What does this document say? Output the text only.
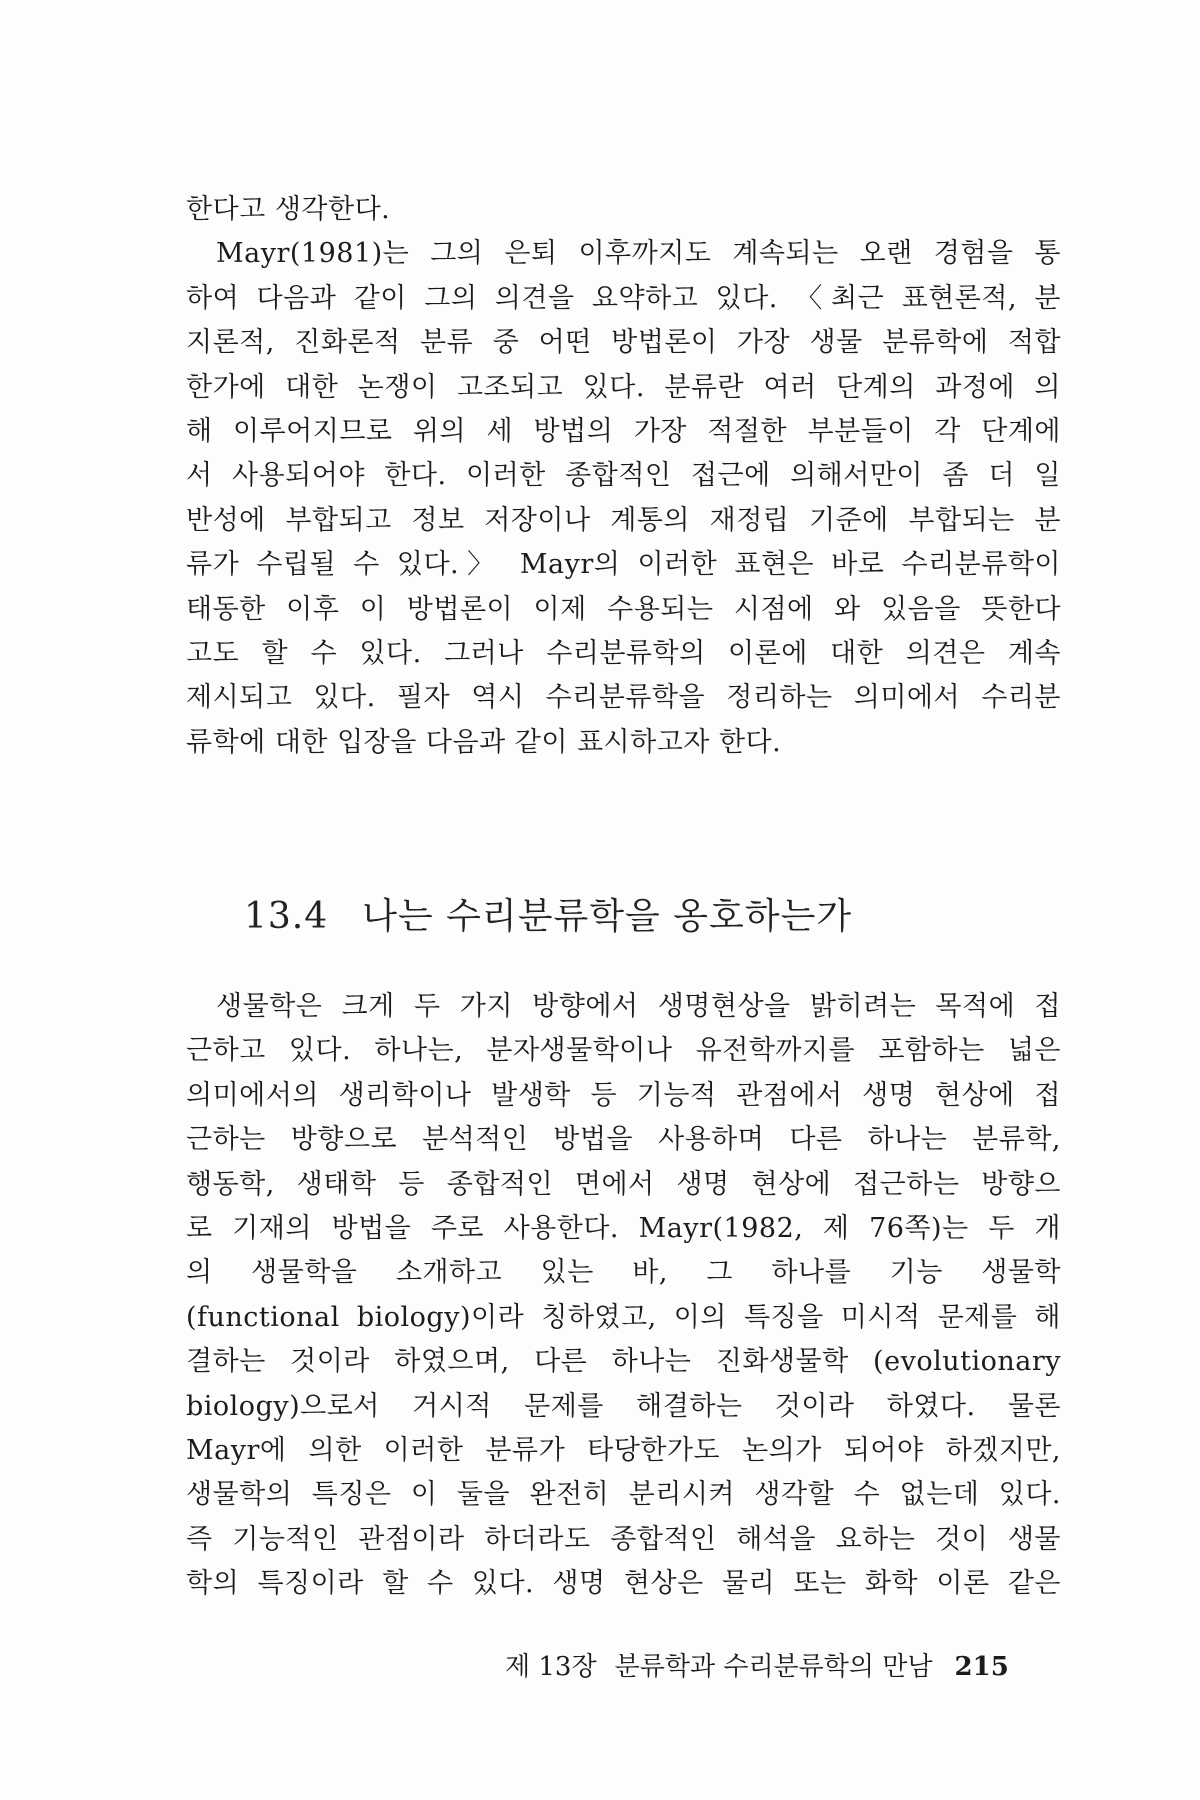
한다고 생각한다.

Mayr(1981)는 그의 은퇴 이후까지도 계속되는 오랜 경험을 통
하여 다음과 같이 그의 의견을 요약하고 있다. 〈최근 표현론적, 분
지론적, 진화론적 분류 중 어떤 방법론이 가장 생물 분류학에 적합
한가에 대한 논쟁이 고조되고 있다. 분류란 여러 단계의 과정에 의
해 이루어지므로 위의 세 방법의 가장 적절한 부분들이 각 단계에
서 사용되어야 한다. 이러한 종합적인 접근에 의해서만이 좀 더 일
반성에 부합되고 정보 저장이나 계통의 재정립 기준에 부합되는 분
류가 수립될 수 있다.〉 Mayr의 이러한 표현은 바로 수리분류학이
태동한 이후 이 방법론이 이제 수용되는 시점에 와 있음을 뜻한다
고도 할 수 있다. 그러나 수리분류학의 이론에 대한 의견은 계속
제시되고 있다. 필자 역시 수리분류학을 정리하는 의미에서 수리분
류학에 대한 입장을 다음과 같이 표시하고자 한다.

13.4 나는 수리분류학을 옹호하는가

생물학은 크게 두 가지 방향에서 생명현상을 밝히려는 목적에 접
근하고 있다. 하나는, 분자생물학이나 유전학까지를 포함하는 넓은
의미에서의 생리학이나 발생학 등 기능적 관점에서 생명 현상에 접
근하는 방향으로 분석적인 방법을 사용하며 다른 하나는 분류학,
행동학, 생태학 등 종합적인 면에서 생명 현상에 접근하는 방향으
로 기재의 방법을 주로 사용한다. Mayr(1982, 제 76쪽)는 두 개
의 생물학을 소개하고 있는 바, 그 하나를 기능 생물학
(functional biology)이라 칭하였고, 이의 특징을 미시적 문제를 해
결하는 것이라 하였으며, 다른 하나는 진화생물학 (evolutionary
biology)으로서 거시적 문제를 해결하는 것이라 하였다. 물론
Mayr에 의한 이러한 분류가 타당한가도 논의가 되어야 하겠지만,
생물학의 특징은 이 둘을 완전히 분리시켜 생각할 수 없는데 있다.
즉 기능적인 관점이라 하더라도 종합적인 해석을 요하는 것이 생물
학의 특징이라 할 수 있다. 생명 현상은 물리 또는 화학 이론 같은

제 13장 분류학과 수리분류학의 만남 215
